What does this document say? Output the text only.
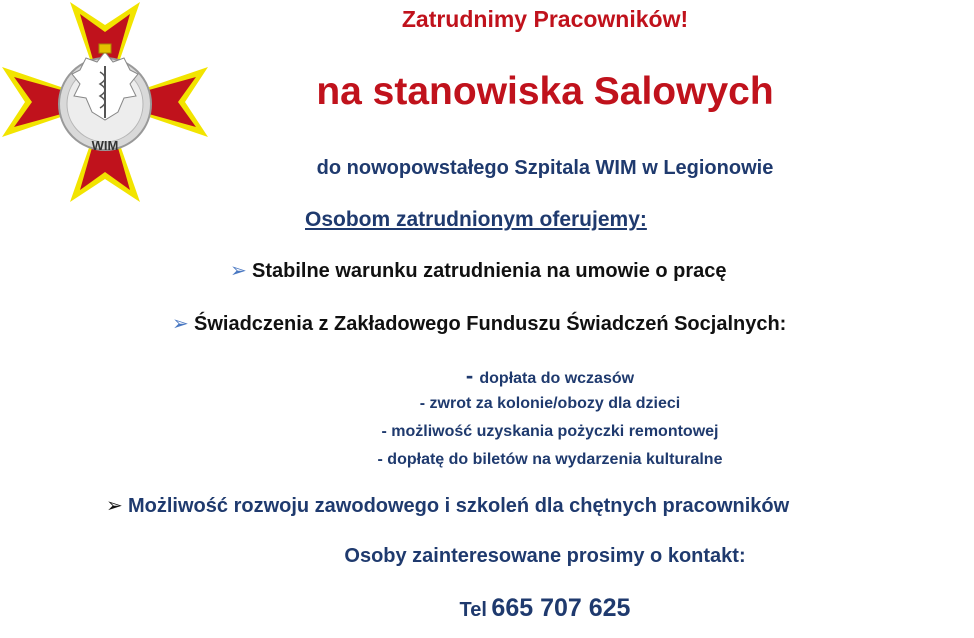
WIM
Zatrudnimy Pracowników!
na stanowiska Salowych
do nowopowstałego Szpitala WIM w Legionowie
Osobom zatrudnionym oferujemy:
➢ Stabilne warunku zatrudnienia na umowie o pracę
➢ Świadczenia z Zakładowego Funduszu Świadczeń Socjalnych:
- dopłata do wczasów
- zwrot za kolonie/obozy dla dzieci
- możliwość uzyskania pożyczki remontowej
- dopłatę do biletów na wydarzenia kulturalne
➢ Możliwość rozwoju zawodowego i szkoleń dla chętnych pracowników
Osoby zainteresowane prosimy o kontakt:
Tel 665 707 625
